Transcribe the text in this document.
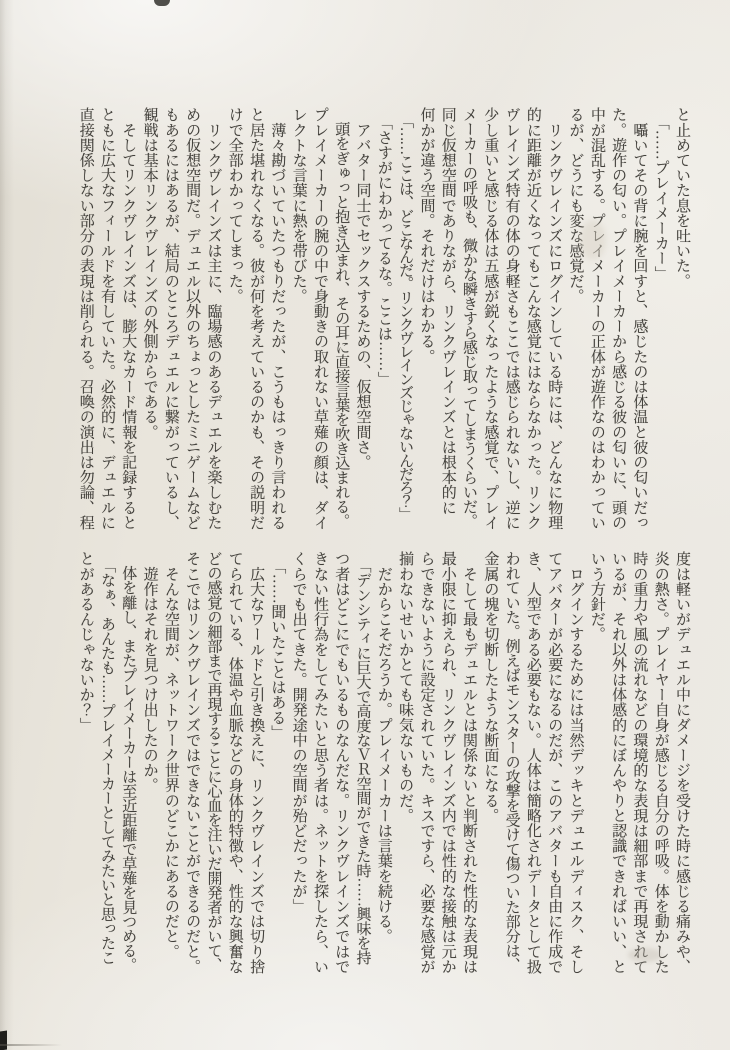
と止めていた息を吐いた。

　「……プレイメーカー」

　囁いてその背に腕を回すと、感じたのは体温と彼の匂いだっ

た。遊作の匂い。プレイメーカーから感じる彼の匂いに、頭の

中が混乱する。プレイメーカーの正体が遊作なのはわかってい

るが、どうにも変な感覚だ。

　リンクヴレインズにログインしている時には、どんなに物理

的に距離が近くなってもこんな感覚にはならなかった。リンク

ヴレインズ特有の体の身軽さもここでは感じられないし、逆に

少し重いと感じる体は五感が鋭くなったような感覚で、プレイ

メーカーの呼吸も、微かな瞬きすら感じ取ってしまうくらいだ。

同じ仮想空間でありながら、リンクヴレインズとは根本的に

何かが違う空間。それだけはわかる。

　「……ここは、どこなんだ。リンクヴレインズじゃないんだろ？」

　「さすがにわかってるな。ここは……」

　アバター同士でセックスするための、仮想空間さ。

　頭をぎゅっと抱き込まれ、その耳に直接言葉を吹き込まれる。

プレイメーカーの腕の中で身動きの取れない草薙の顔は、ダイ

レクトな言葉に熱を帯びた。

　薄々勘づいていたつもりだったが、こうもはっきり言われる

と居た堪れなくなる。彼が何を考えているのかも、その説明だ

けで全部わかってしまった。

　リンクヴレインズは主に、臨場感のあるデュエルを楽しむた

めの仮想空間だ。デュエル以外のちょっとしたミニゲームなど

もあるにはあるが、結局のところデュエルに繋がっているし、

観戦は基本リンクヴレインズの外側からである。

　そしてリンクヴレインズは、膨大なカード情報を記録すると

ともに広大なフィールドを有していた。必然的に、デュエルに

直接関係しない部分の表現は削られる。召喚の演出は勿論、程

度は軽いがデュエル中にダメージを受けた時に感じる痛みや、

炎の熱さ。プレイヤー自身が感じる自分の呼吸。体を動かした

時の重力や風の流れなどの環境的な表現は細部まで再現されて

いるが、それ以外は体感的にぼんやりと認識できればいい、と

いう方針だ。

　ログインするためには当然デッキとデュエルディスク、そし

てアバターが必要になるのだが、このアバターも自由に作成で

き、人型である必要もない。人体は簡略化されデータとして扱

われていた。例えばモンスターの攻撃を受けて傷ついた部分は、

金属の塊を切断したような断面になる。

　そして最もデュエルとは関係ないと判断された性的な表現は

最小限に抑えられ、リンクヴレインズ内では性的な接触は元か

らできないように設定されていた。キスですら、必要な感覚が

揃わないせいかとても味気ないものだ。

　だからこそだろうか。プレイメーカーは言葉を続ける。

　「デンシティに巨大で高度なＶＲ空間ができた時……興味を持

つ者はどこにでもいるものなんだな。リンクヴレインズではで

きない性行為をしてみたいと思う者は。ネットを探したら、い

くらでも出てきた。開発途中の空間が殆どだったが」

　「……聞いたことはある」

　広大なワールドと引き換えに、リンクヴレインズでは切り捨

てられている、体温や血脈などの身体的特徴や、性的な興奮な

どの感覚の細部まで再現することに心血を注いだ開発者がいて、

そこではリンクヴレインズではできないことができるのだと。

　そんな空間が、ネットワーク世界のどこかにあるのだと。

　遊作はそれを見つけ出したのか。

　体を離し、またプレイメーカーは至近距離で草薙を見つめる。

　「なぁ、あんたも……プレイメーカーとしてみたいと思ったこ

とがあるんじゃないか？」
